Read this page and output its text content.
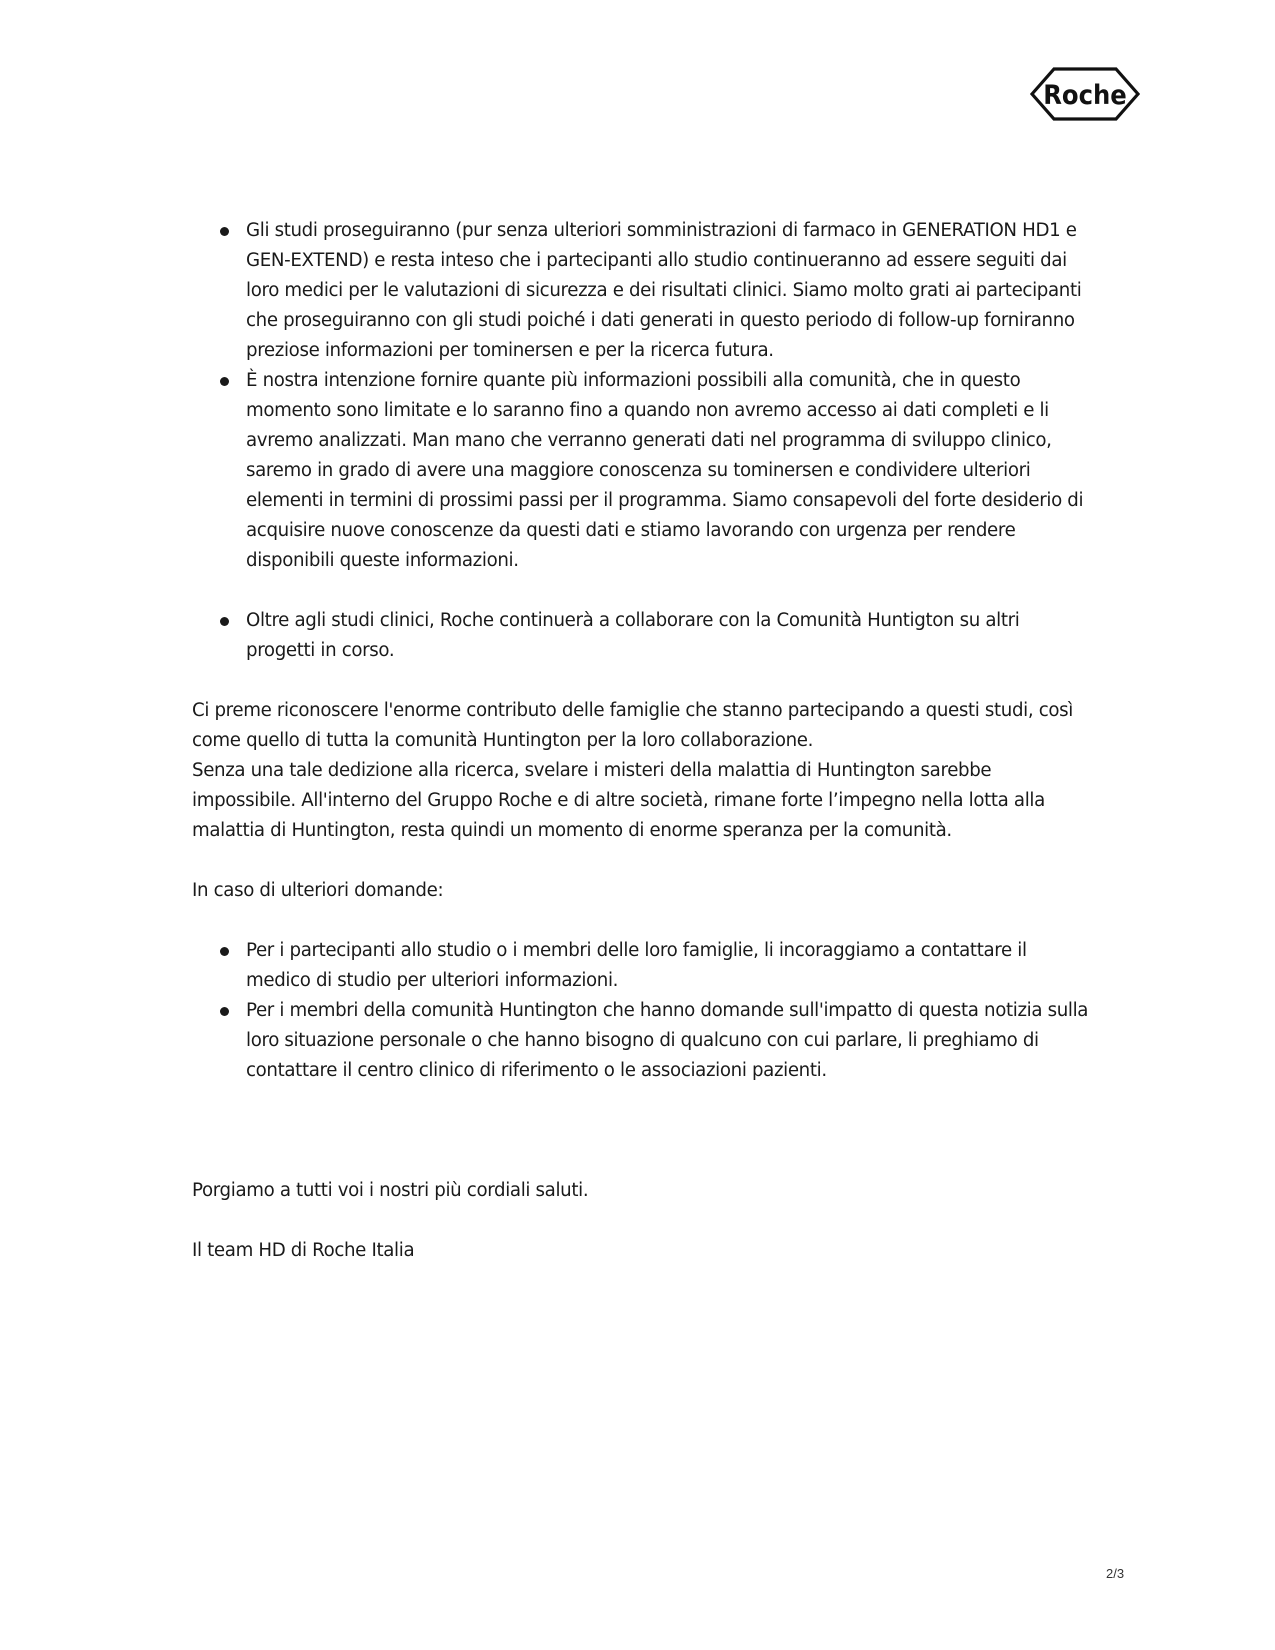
Roche
Gli studi proseguiranno (pur senza ulteriori somministrazioni di farmaco in GENERATION HD1 e GEN-EXTEND) e resta inteso che i partecipanti allo studio continueranno ad essere seguiti dai loro medici per le valutazioni di sicurezza e dei risultati clinici. Siamo molto grati ai partecipanti che proseguiranno con gli studi poiché i dati generati in questo periodo di follow-up forniranno preziose informazioni per tominersen e per la ricerca futura.
È nostra intenzione fornire quante più informazioni possibili alla comunità, che in questo momento sono limitate e lo saranno fino a quando non avremo accesso ai dati completi e li avremo analizzati. Man mano che verranno generati dati nel programma di sviluppo clinico, saremo in grado di avere una maggiore conoscenza su tominersen e condividere ulteriori elementi in termini di prossimi passi per il programma. Siamo consapevoli del forte desiderio di acquisire nuove conoscenze da questi dati e stiamo lavorando con urgenza per rendere disponibili queste informazioni.
Oltre agli studi clinici, Roche continuerà a collaborare con la Comunità Huntigton su altri progetti in corso.

Ci preme riconoscere l'enorme contributo delle famiglie che stanno partecipando a questi studi, così come quello di tutta la comunità Huntington per la loro collaborazione.

Senza una tale dedizione alla ricerca, svelare i misteri della malattia di Huntington sarebbe impossibile. All'interno del Gruppo Roche e di altre società, rimane forte l’impegno nella lotta alla malattia di Huntington, resta quindi un momento di enorme speranza per la comunità.

In caso di ulteriori domande:

Per i partecipanti allo studio o i membri delle loro famiglie, li incoraggiamo a contattare il medico di studio per ulteriori informazioni.
Per i membri della comunità Huntington che hanno domande sull'impatto di questa notizia sulla loro situazione personale o che hanno bisogno di qualcuno con cui parlare, li preghiamo di contattare il centro clinico di riferimento o le associazioni pazienti.

Porgiamo a tutti voi i nostri più cordiali saluti.

Il team HD di Roche Italia

2/3
